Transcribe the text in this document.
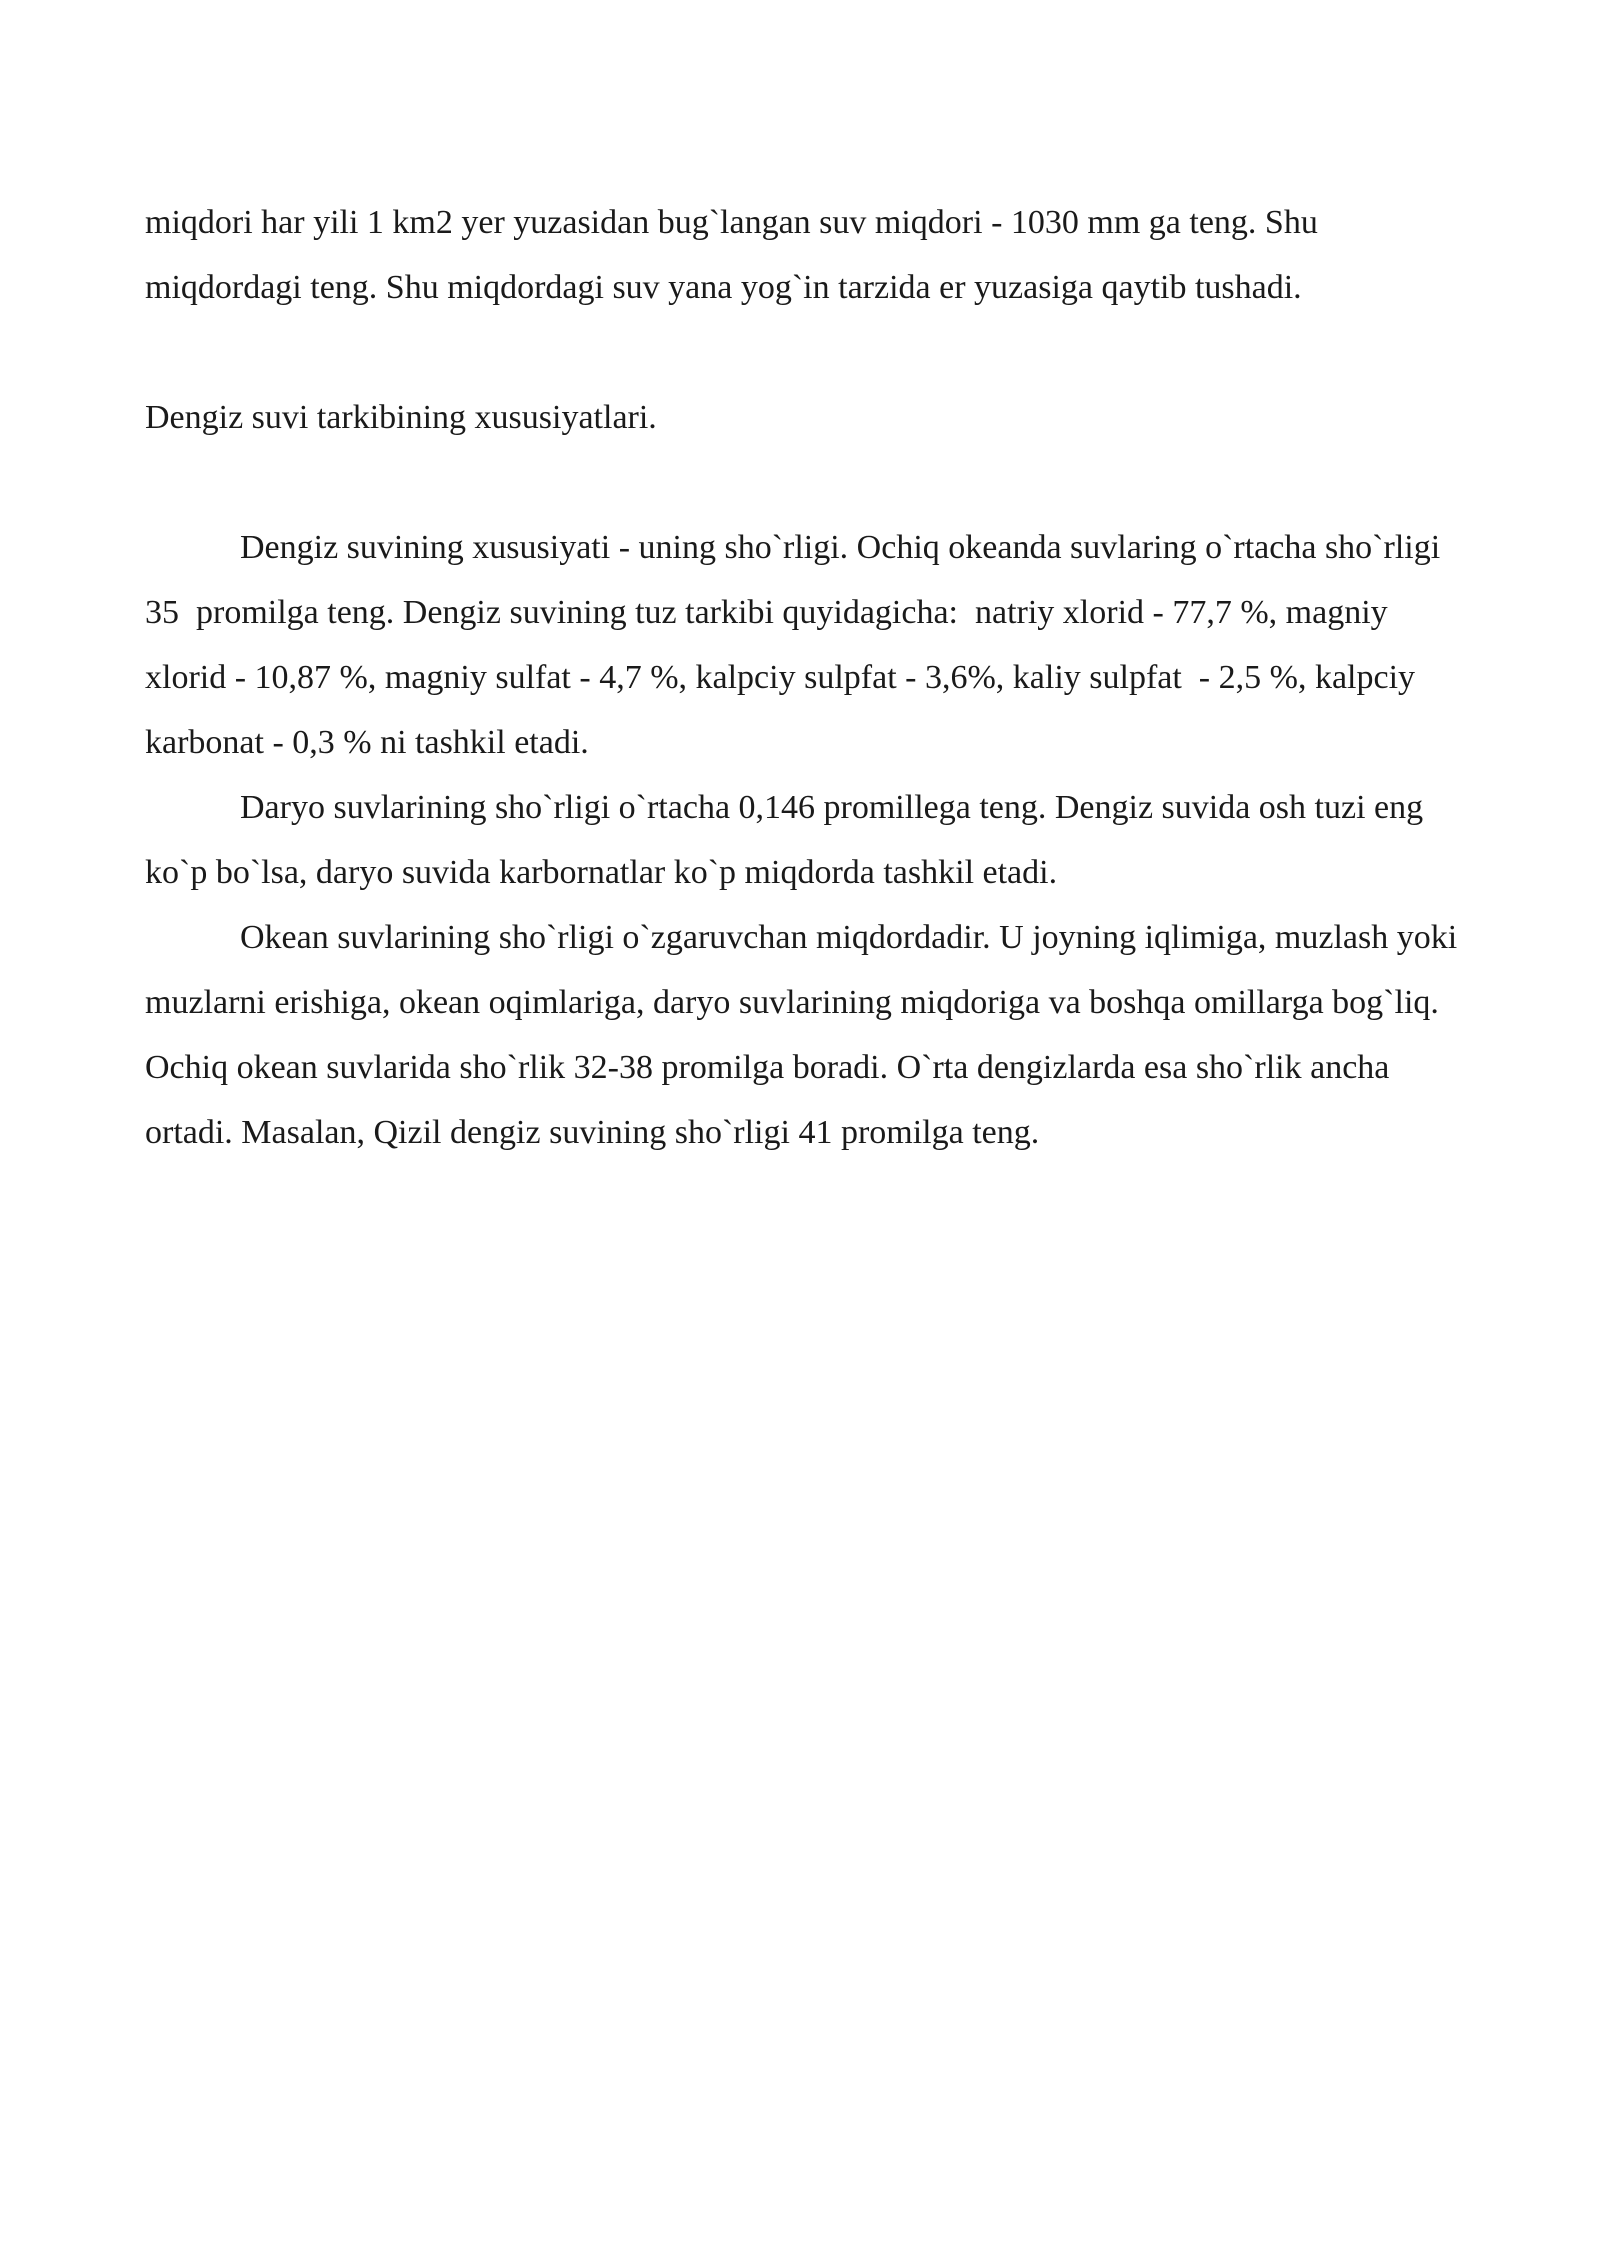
miqdori har yili 1 km2 yer yuzasidan bug`langan suv miqdori - 1030 mm ga teng. Shu miqdordagi teng. Shu miqdordagi suv yana yog`in tarzida er yuzasiga qaytib tushadi.

Dengiz suvi tarkibining xususiyatlari.

Dengiz suvining xususiyati - uning sho`rligi. Ochiq okeanda suvlaring o`rtacha sho`rligi 35  promilga teng. Dengiz suvining tuz tarkibi quyidagicha:  natriy xlorid - 77,7 %, magniy xlorid - 10,87 %, magniy sulfat - 4,7 %, kalpciy sulpfat - 3,6%, kaliy sulpfat  - 2,5 %, kalpciy karbonat - 0,3 % ni tashkil etadi.

Daryo suvlarining sho`rligi o`rtacha 0,146 promillega teng. Dengiz suvida osh tuzi eng ko`p bo`lsa, daryo suvida karbornatlar ko`p miqdorda tashkil etadi.

Okean suvlarining sho`rligi o`zgaruvchan miqdordadir. U joyning iqlimiga, muzlash yoki muzlarni erishiga, okean oqimlariga, daryo suvlarining miqdoriga va boshqa omillarga bog`liq. Ochiq okean suvlarida sho`rlik 32-38 promilga boradi. O`rta dengizlarda esa sho`rlik ancha ortadi. Masalan, Qizil dengiz suvining sho`rligi 41 promilga teng.
